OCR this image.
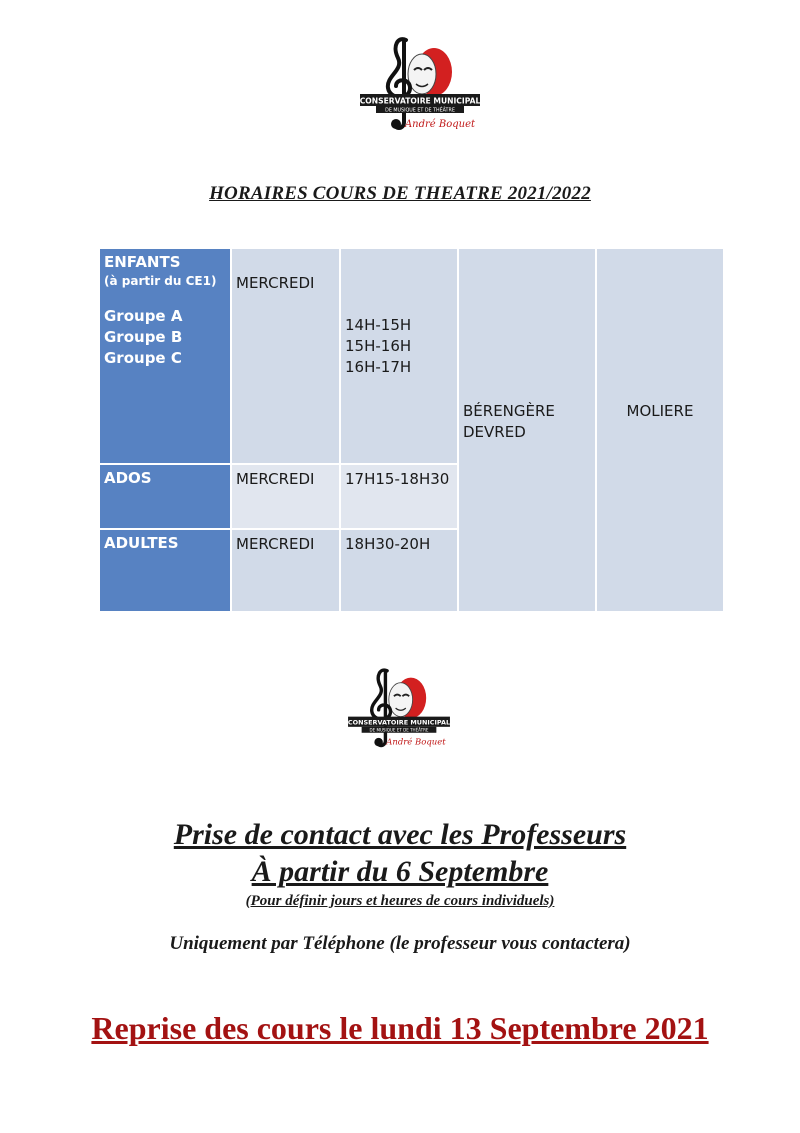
CONSERVATOIRE MUNICIPAL
DE MUSIQUE ET DE THÉÂTRE
André Boquet
HORAIRES COURS DE THEATRE 2021/2022
ENFANTS
(à partir du CE1)
Groupe A
Groupe B
Groupe C
ADOS
ADULTES
MERCREDI
MERCREDI
MERCREDI
14H-15H
15H-16H
16H-17H
17H15-18H30
18H30-20H
BÉRENGÈRE
DEVRED
MOLIERE
CONSERVATOIRE MUNICIPAL
DE MUSIQUE ET DE THÉÂTRE
André Boquet
Prise de contact avec les Professeurs
À partir du 6 Septembre
(Pour définir jours et heures de cours individuels)
Uniquement par Téléphone (le professeur vous contactera)
Reprise des cours le lundi 13 Septembre 2021
